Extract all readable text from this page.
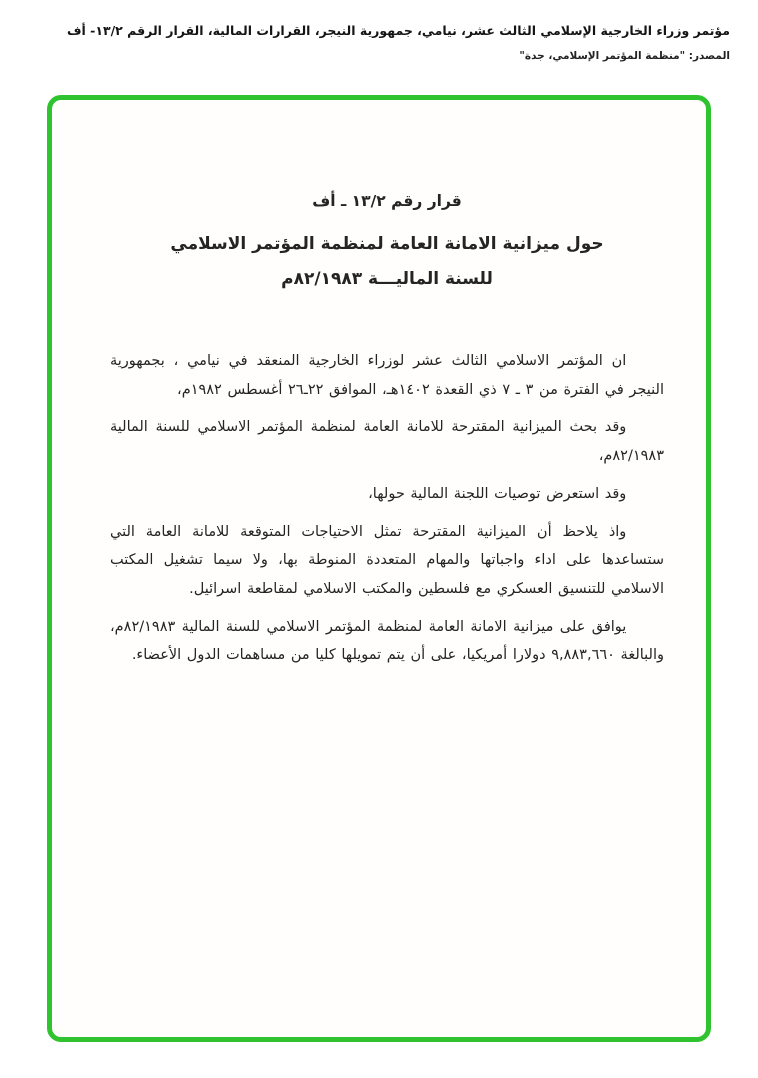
مؤتمر وزراء الخارجية الإسلامي الثالث عشر، نيامي، جمهورية النيجر، القرارات المالية، القرار الرقم ١٣/٢- أف
المصدر: "منظمة المؤتمر الإسلامي، جدة"
قرار رقم ١٣/٢ ـ أف
حول ميزانية الامانة العامة لمنظمة المؤتمر الاسلامي
للسنة الماليـــة ٨٢/١٩٨٣م

ان المؤتمر الاسلامي الثالث عشر لوزراء الخارجية المنعقد في نيامي ، بجمهورية النيجر في الفترة من ٣ ـ ٧ ذي القعدة ١٤٠٢هـ، الموافق ٢٢ـ٢٦ أغسطس ١٩٨٢م،

وقد بحث الميزانية المقترحة للامانة العامة لمنظمة المؤتمر الاسلامي للسنة المالية ٨٢/١٩٨٣م،

وقد استعرض توصيات اللجنة المالية حولها،

واذ يلاحظ أن الميزانية المقترحة تمثل الاحتياجات المتوقعة للامانة العامة التي ستساعدها على اداء واجباتها والمهام المتعددة المنوطة بها، ولا سيما تشغيل المكتب الاسلامي للتنسيق العسكري مع فلسطين والمكتب الاسلامي لمقاطعة اسرائيل.

يوافق على ميزانية الامانة العامة لمنظمة المؤتمر الاسلامي للسنة المالية ٨٢/١٩٨٣م، والبالغة ٩,٨٨٣,٦٦٠ دولارا أمريكيا، على أن يتم تمويلها كليا من مساهمات الدول الأعضاء.
